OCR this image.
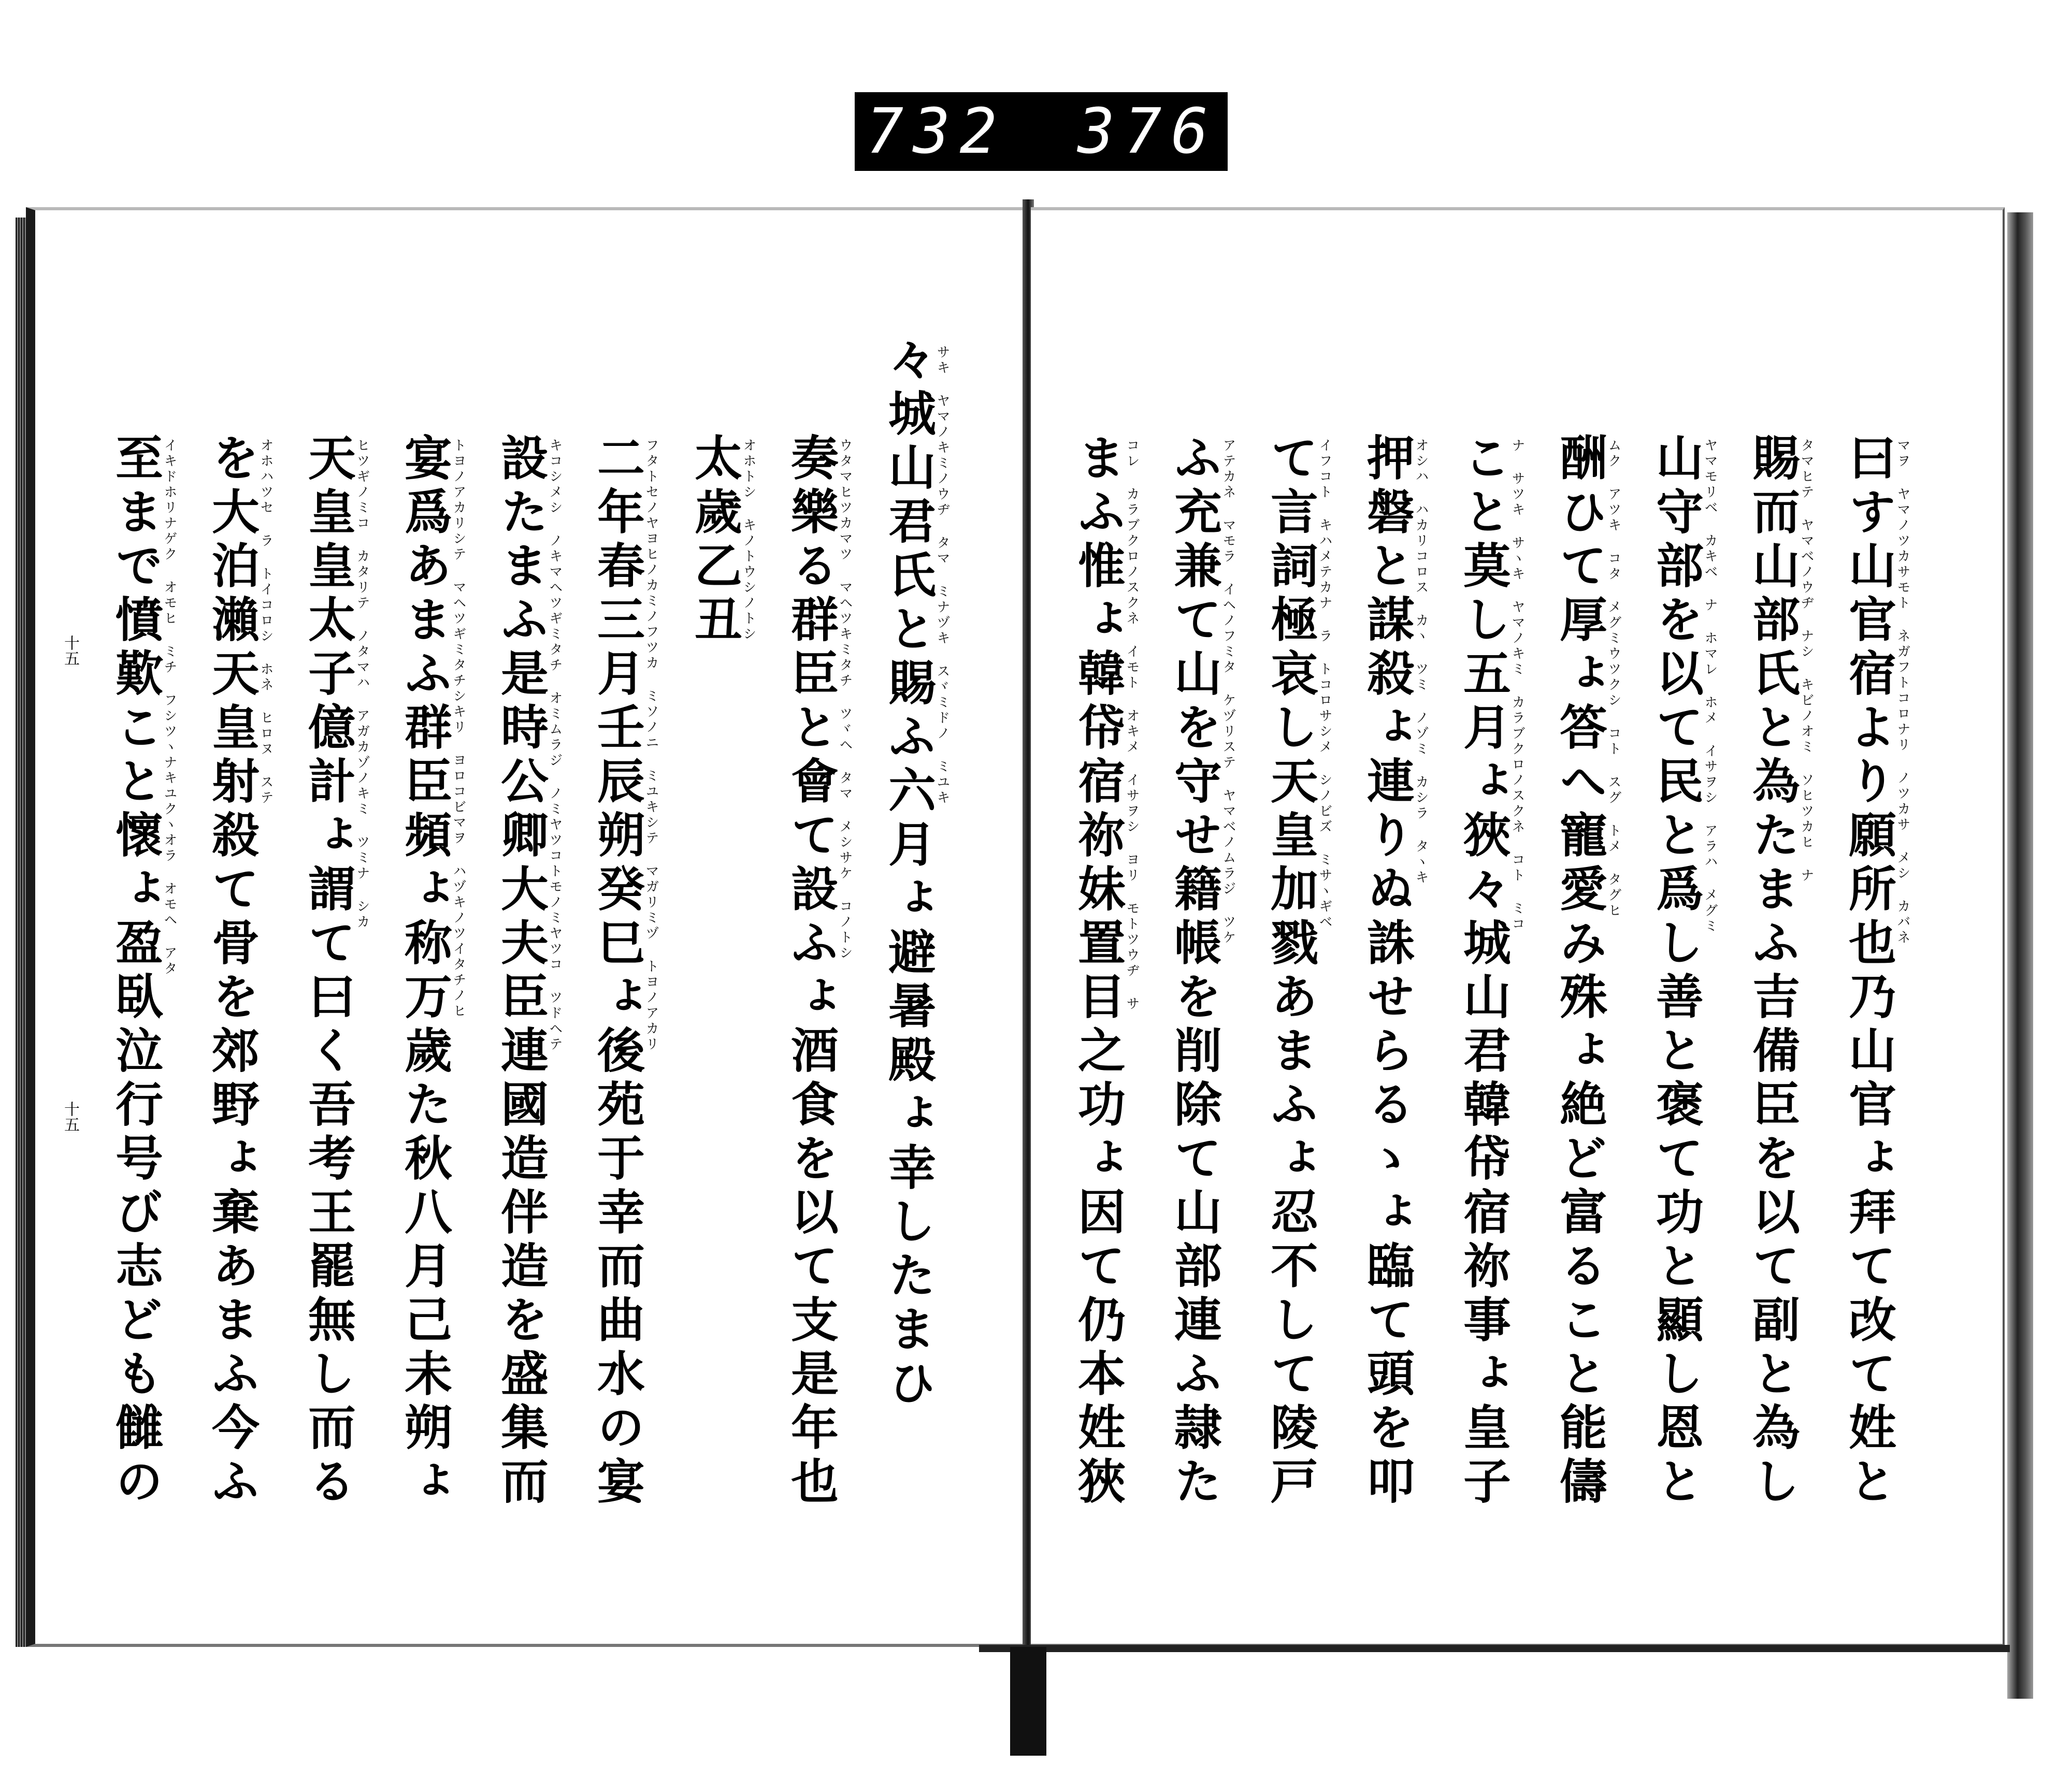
732 376.
十五
十五	々城山君氏と賜ふ六月ょ避暑殿ょ幸したまひ
サキ ヤマノキミノウヂ タマ ミナヅキ スヾミドノ ミユキ
奏樂る群臣と會て設ふょ酒食を以て支是年也
ウタマヒツカマツ マヘツキミタチ ツヾヘ タマ メシサケ コノトシ
太歲乙丑
オホトシ キノトウシノトシ
二年春三月壬辰朔癸巳ょ後苑于幸而曲水の宴
フタトセノヤヨヒノカミノフツカ ミソノニ ミユキシテ マガリミヅ トヨノアカリ
設たまふ是時公卿大夫臣連國造伴造を盛集而
キコシメシ ノキマヘツギミタチ オミムラジ ノミヤツコトモノミヤツコ ツドヘテ
宴爲あまふ群臣頻ょ称万歲た秋八月己未朔ょ
トヨノアカリシテ マヘツギミタチシキリ ヨロコビマヲ ハヅキノツイタチノヒ
天皇皇太子億計ょ謂て曰く吾考王罷無し而る
ヒツギノミコ カタリテ ノタマハ アガカゾノキミ ツミナ シカ
を大泊瀨天皇射殺て骨を郊野ょ棄あまふ今ふ
オホハツセ ラ トイコロシ ホネ ヒロヌ ステ
至まで憤歎こと懷ょ盈臥泣行号び志ども雠の
イキドホリナゲク オモヒ ミチ フシツヽナキユクヽオラ オモヘ アタ	曰す山官宿より願所也乃山官ょ拜て改て姓と
マヲ ヤマノツカサモト ネガフトコロナリ ノツカサ メシ カバネ
賜而山部氏と為たまふ吉備臣を以て副と為し
タマヒテ ヤマベノウヂ ナシ キビノオミ ソヒツカヒ ナ
山守部を以て民と爲し善と褒て功と顯し恩と
ヤマモリベ カキベ ナ ホマレ ホメ イサヲシ アラハ メグミ
酬ひて厚ょ答へ寵愛み殊ょ絶ど富ること能儔
ムク アツキ コタ メグミウツクシ コト スグ トメ タグヒ
こと莫し五月ょ狹々城山君韓帒宿祢事ょ皇子
ナ サツキ サヽキ ヤマノキミ カラブクロノスクネ コト ミコ
押磐と謀殺ょ連りぬ誅せらるゝょ臨て頭を叩
オシハ ハカリコロス カヽ ツミ ノゾミ カシラ タヽキ
て言詞極哀し天皇加戮あまふょ忍不して陵戸
イフコト キハメテカナ ラ トコロサシメ シノビズ ミサヽギベ
ふ充兼て山を守せ籍帳を削除て山部連ふ隷た
アテカネ マモラ イヘノフミタ ケヅリステ ヤマベノムラジ ツケ
まふ惟ょ韓帒宿祢妹置目之功ょ因て仍本姓狹
コレ カラブクロノスクネ イモト オキメ イサヲシ ヨリ モトツウヂ サ
